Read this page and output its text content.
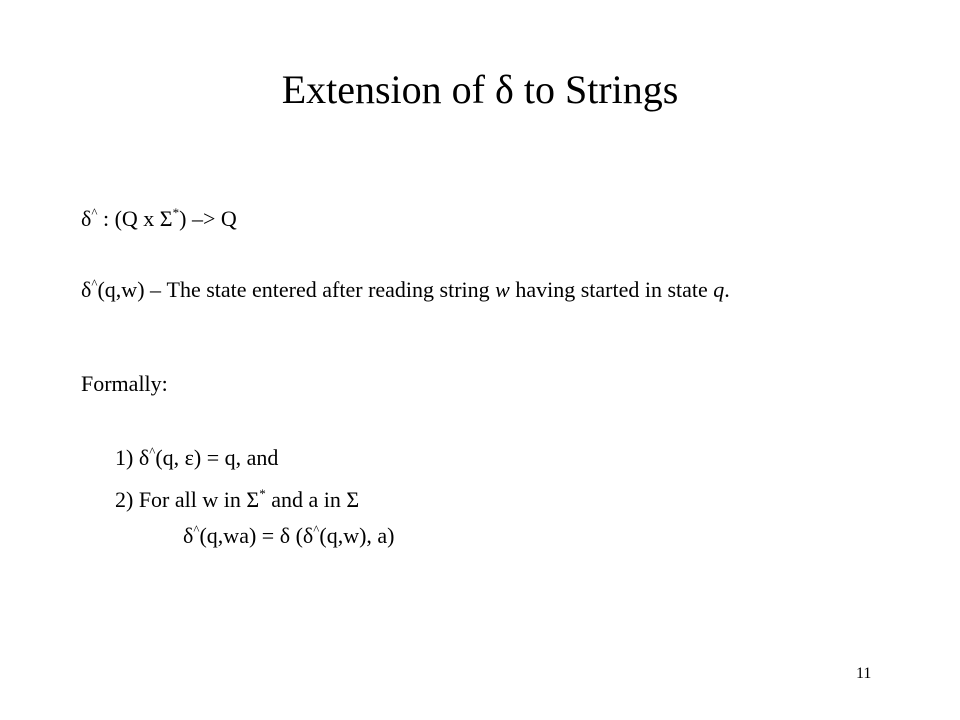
Extension of δ to Strings
δ^ : (Q x Σ*) –> Q
δ^(q,w) – The state entered after reading string w having started in state q.
Formally:
1) δ^(q, ε) = q, and
2) For all w in Σ* and a in Σ
δ^(q,wa) = δ (δ^(q,w), a)
11
